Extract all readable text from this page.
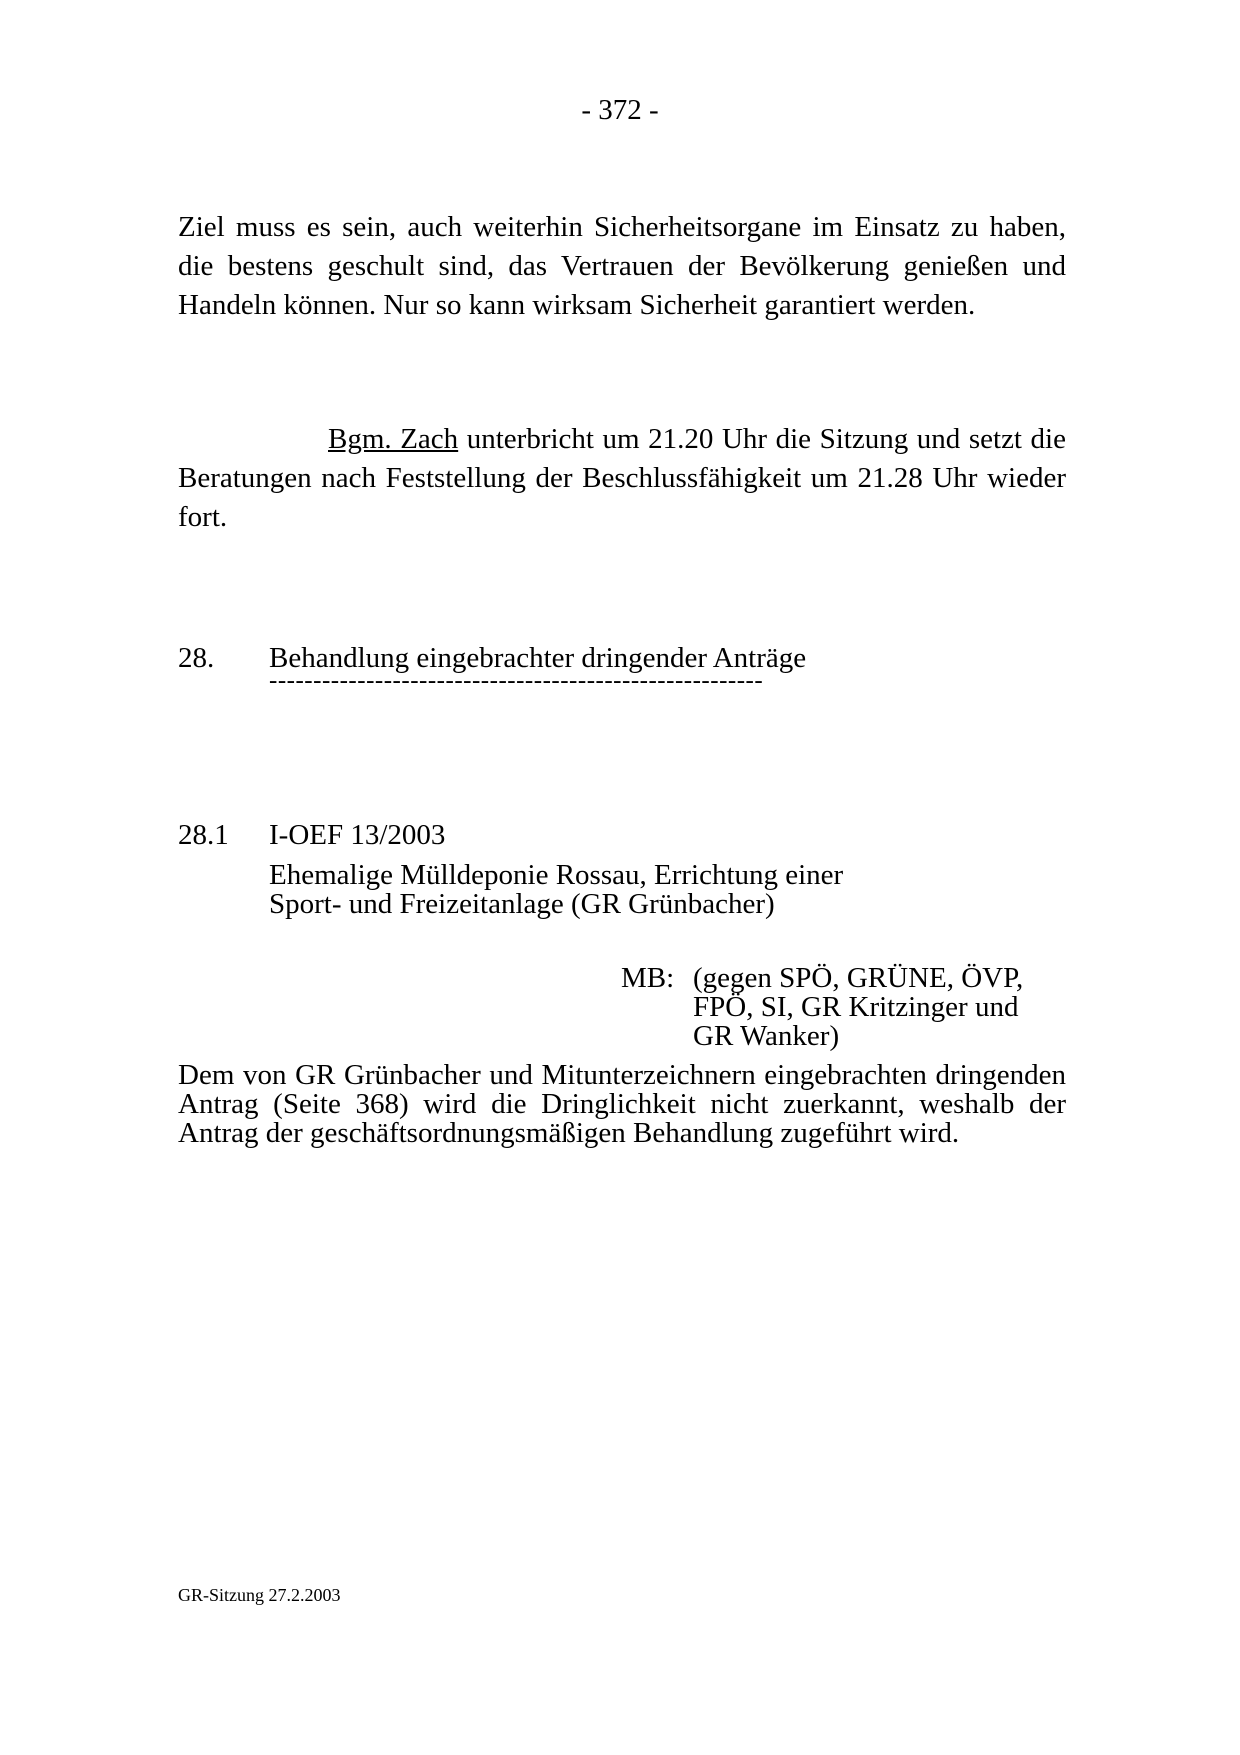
- 372 -
Ziel muss es sein, auch weiterhin Sicherheitsorgane im Einsatz zu haben, die bestens geschult sind, das Vertrauen der Bevölkerung genießen und Handeln können. Nur so kann wirksam Sicherheit garantiert werden.
Bgm. Zach unterbricht um 21.20 Uhr die Sitzung und setzt die Beratungen nach Feststellung der Beschlussfähigkeit um 21.28 Uhr wieder fort.
28. Behandlung eingebrachter dringender Anträge
--------------------------------------------------------
28.1 I-OEF 13/2003
Ehemalige Mülldeponie Rossau, Errichtung einer
Sport- und Freizeitanlage (GR Grünbacher)
MB: (gegen SPÖ, GRÜNE, ÖVP,
FPÖ, SI, GR Kritzinger und
GR Wanker)
Dem von GR Grünbacher und Mitunterzeichnern eingebrachten dringenden Antrag (Seite 368) wird die Dringlichkeit nicht zuerkannt, weshalb der Antrag der geschäftsordnungsmäßigen Behandlung zugeführt wird.
GR-Sitzung 27.2.2003
